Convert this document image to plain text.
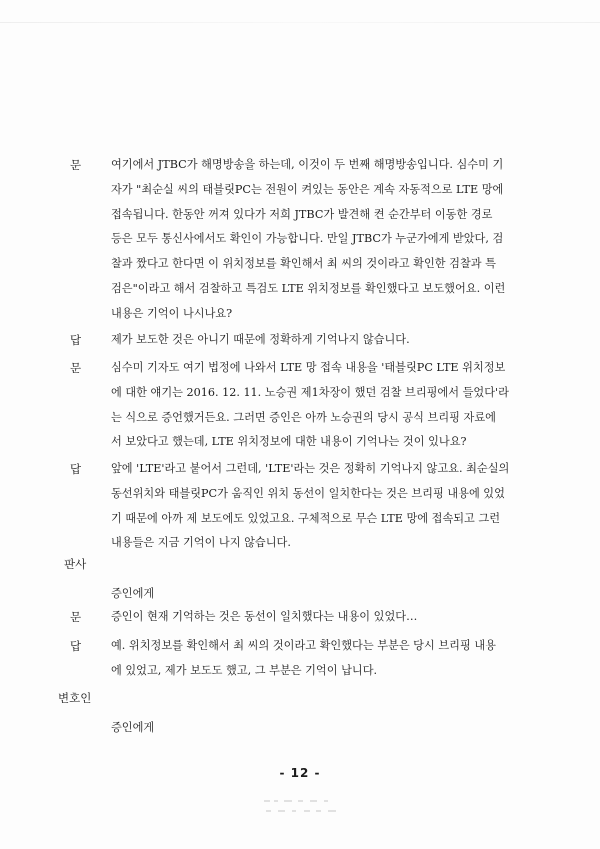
문	여기에서 JTBC가 해명방송을 하는데, 이것이 두 번째 해명방송입니다. 심수미 기
자가 "최순실 씨의 태블릿PC는 전원이 켜있는 동안은 계속 자동적으로 LTE 망에
접속됩니다. 한동안 꺼져 있다가 저희 JTBC가 발견해 켠 순간부터 이동한 경로
등은 모두 통신사에서도 확인이 가능합니다. 만일 JTBC가 누군가에게 받았다, 검
찰과 짰다고 한다면 이 위치정보를 확인해서 최 씨의 것이라고 확인한 검찰과 특
검은"이라고 해서 검찰하고 특검도 LTE 위치정보를 확인했다고 보도했어요. 이런
내용은 기억이 나시나요?
답	제가 보도한 것은 아니기 때문에 정확하게 기억나지 않습니다.
문	심수미 기자도 여기 법정에 나와서 LTE 망 접속 내용을 '태블릿PC LTE 위치정보
에 대한 얘기는 2016. 12. 11. 노승권 제1차장이 했던 검찰 브리핑에서 들었다'라
는 식으로 증언했거든요. 그러면 증인은 아까 노승권의 당시 공식 브리핑 자료에
서 보았다고 했는데, LTE 위치정보에 대한 내용이 기억나는 것이 있나요?
답	앞에 'LTE'라고 붙어서 그런데, 'LTE'라는 것은 정확히 기억나지 않고요. 최순실의
동선위치와 태블릿PC가 움직인 위치 동선이 일치한다는 것은 브리핑 내용에 있었
기 때문에 아까 제 보도에도 있었고요. 구체적으로 무슨 LTE 망에 접속되고 그런
내용들은 지금 기억이 나지 않습니다.
판사
증인에게
문	증인이 현재 기억하는 것은 동선이 일치했다는 내용이 있었다…
답	예. 위치정보를 확인해서 최 씨의 것이라고 확인했다는 부분은 당시 브리핑 내용
에 있었고, 제가 보도도 했고, 그 부분은 기억이 납니다.
변호인
증인에게
- 12 -
